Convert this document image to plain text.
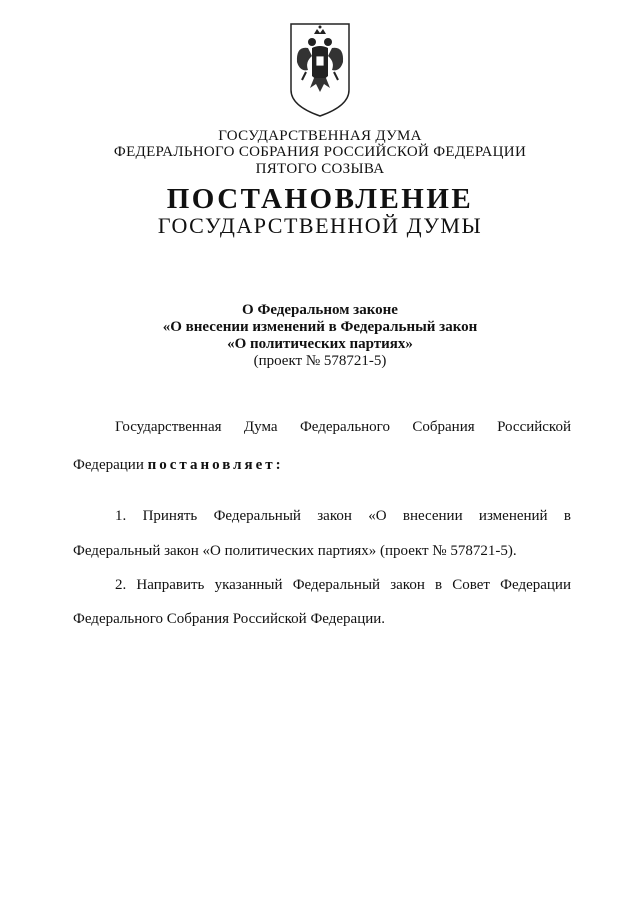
ГОСУДАРСТВЕННАЯ ДУМА
ФЕДЕРАЛЬНОГО СОБРАНИЯ РОССИЙСКОЙ ФЕДЕРАЦИИ
ПЯТОГО СОЗЫВА
ПОСТАНОВЛЕНИЕ
ГОСУДАРСТВЕННОЙ ДУМЫ
О Федеральном законе
«О внесении изменений в Федеральный закон
«О политических партиях»
(проект № 578721-5)
Государственная Дума Федерального Собрания Российской
Федерации постановляет:
1. Принять Федеральный закон «О внесении изменений в
Федеральный закон «О политических партиях» (проект № 578721-5).
2. Направить указанный Федеральный закон в Совет Федерации
Федерального Собрания Российской Федерации.
